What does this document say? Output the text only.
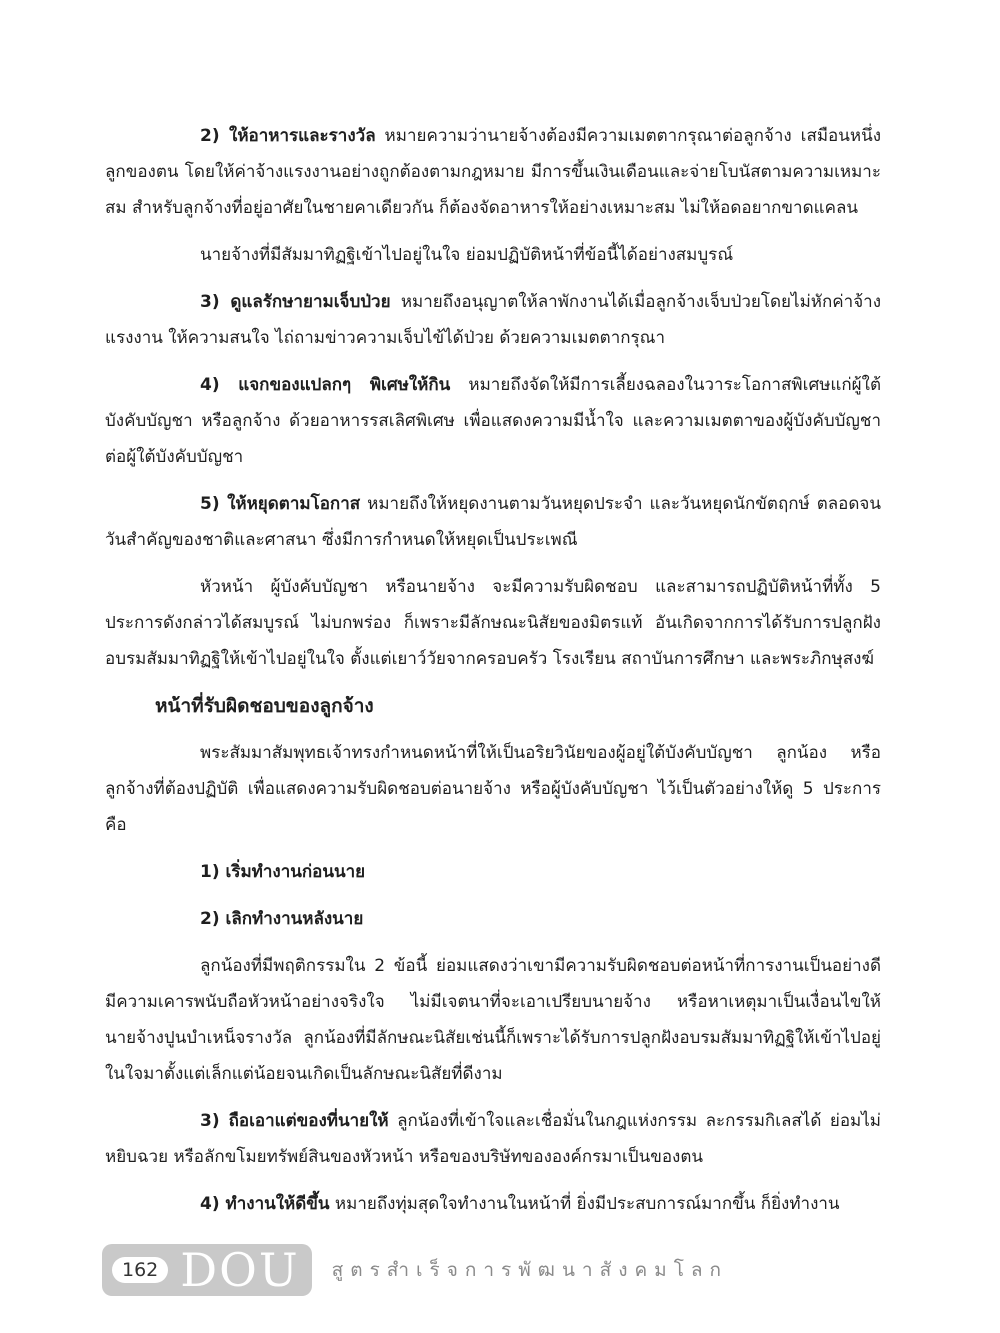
2) ให้อาหารและรางวัล หมายความว่านายจ้างต้องมีความเมตตากรุณาต่อลูกจ้าง เสมือนหนึ่งลูกของตน โดยให้ค่าจ้างแรงงานอย่างถูกต้องตามกฎหมาย มีการขึ้นเงินเดือนและจ่ายโบนัสตามความเหมาะสม สำหรับลูกจ้างที่อยู่อาศัยในชายคาเดียวกัน ก็ต้องจัดอาหารให้อย่างเหมาะสม ไม่ให้อดอยากขาดแคลน

นายจ้างที่มีสัมมาทิฏฐิเข้าไปอยู่ในใจ ย่อมปฏิบัติหน้าที่ข้อนี้ได้อย่างสมบูรณ์

3) ดูแลรักษายามเจ็บป่วย หมายถึงอนุญาตให้ลาพักงานได้เมื่อลูกจ้างเจ็บป่วยโดยไม่หักค่าจ้างแรงงาน ให้ความสนใจ ไถ่ถามข่าวความเจ็บไข้ได้ป่วย ด้วยความเมตตากรุณา

4) แจกของแปลกๆ พิเศษให้กิน หมายถึงจัดให้มีการเลี้ยงฉลองในวาระโอกาสพิเศษแก่ผู้ใต้บังคับบัญชา หรือลูกจ้าง ด้วยอาหารรสเลิศพิเศษ เพื่อแสดงความมีน้ำใจ และความเมตตาของผู้บังคับบัญชาต่อผู้ใต้บังคับบัญชา

5) ให้หยุดตามโอกาส หมายถึงให้หยุดงานตามวันหยุดประจำ และวันหยุดนักขัตฤกษ์ ตลอดจนวันสำคัญของชาติและศาสนา ซึ่งมีการกำหนดให้หยุดเป็นประเพณี

หัวหน้า ผู้บังคับบัญชา หรือนายจ้าง จะมีความรับผิดชอบ และสามารถปฏิบัติหน้าที่ทั้ง 5 ประการดังกล่าวได้สมบูรณ์ ไม่บกพร่อง ก็เพราะมีลักษณะนิสัยของมิตรแท้ อันเกิดจากการได้รับการปลูกฝังอบรมสัมมาทิฏฐิให้เข้าไปอยู่ในใจ ตั้งแต่เยาว์วัยจากครอบครัว โรงเรียน สถาบันการศึกษา และพระภิกษุสงฆ์

หน้าที่รับผิดชอบของลูกจ้าง

พระสัมมาสัมพุทธเจ้าทรงกำหนดหน้าที่ให้เป็นอริยวินัยของผู้อยู่ใต้บังคับบัญชา ลูกน้อง หรือลูกจ้างที่ต้องปฏิบัติ เพื่อแสดงความรับผิดชอบต่อนายจ้าง หรือผู้บังคับบัญชา ไว้เป็นตัวอย่างให้ดู 5 ประการ คือ

1) เริ่มทำงานก่อนนาย
2) เลิกทำงานหลังนาย

ลูกน้องที่มีพฤติกรรมใน 2 ข้อนี้ ย่อมแสดงว่าเขามีความรับผิดชอบต่อหน้าที่การงานเป็นอย่างดี มีความเคารพนับถือหัวหน้าอย่างจริงใจ ไม่มีเจตนาที่จะเอาเปรียบนายจ้าง หรือหาเหตุมาเป็นเงื่อนไขให้นายจ้างปูนบำเหน็จรางวัล ลูกน้องที่มีลักษณะนิสัยเช่นนี้ก็เพราะได้รับการปลูกฝังอบรมสัมมาทิฏฐิให้เข้าไปอยู่ในใจมาตั้งแต่เล็กแต่น้อยจนเกิดเป็นลักษณะนิสัยที่ดีงาม

3) ถือเอาแต่ของที่นายให้ ลูกน้องที่เข้าใจและเชื่อมั่นในกฎแห่งกรรม ละกรรมกิเลสได้ ย่อมไม่หยิบฉวย หรือลักขโมยทรัพย์สินของหัวหน้า หรือของบริษัทขององค์กรมาเป็นของตน

4) ทำงานให้ดีขึ้น หมายถึงทุ่มสุดใจทำงานในหน้าที่ ยิ่งมีประสบการณ์มากขึ้น ก็ยิ่งทำงาน

162 DOU สูตรสำเร็จการพัฒนาสังคมโลก
